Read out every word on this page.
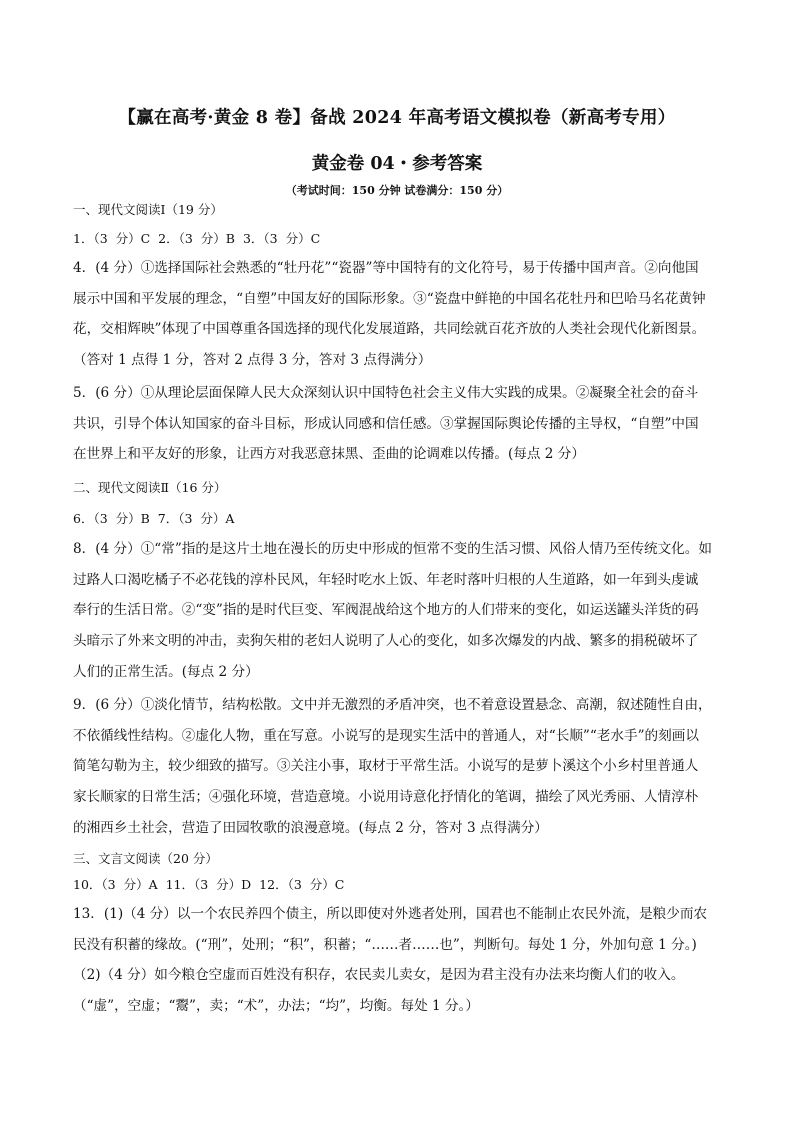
【赢在高考·黄金 8 卷】备战 2024 年高考语文模拟卷（新高考专用）
黄金卷 04・参考答案
（考试时间：150 分钟 试卷满分：150 分）
一、现代文阅读Ⅰ（19 分）
1．（3 分）C 2．（3 分）B 3．（3 分）C
4．(4 分）①选择国际社会熟悉的“牡丹花”“瓷器”等中国特有的文化符号，易于传播中国声音。②向他国
展示中国和平发展的理念，“自塑”中国友好的国际形象。③“瓷盘中鲜艳的中国名花牡丹和巴哈马名花黄钟
花，交相辉映”体现了中国尊重各国选择的现代化发展道路，共同绘就百花齐放的人类社会现代化新图景。
（答对 1 点得 1 分，答对 2 点得 3 分，答对 3 点得满分）
5．(6 分）①从理论层面保障人民大众深刻认识中国特色社会主义伟大实践的成果。②凝聚全社会的奋斗
共识，引导个体认知国家的奋斗目标，形成认同感和信任感。③掌握国际舆论传播的主导权，“自塑”中国
在世界上和平友好的形象，让西方对我恶意抹黑、歪曲的论调难以传播。(每点 2 分）
二、现代文阅读Ⅱ（16 分）
6．（3 分）B 7．（3 分）A
8．(4 分）①“常”指的是这片土地在漫长的历史中形成的恒常不变的生活习惯、风俗人情乃至传统文化。如
过路人口渴吃橘子不必花钱的淳朴民风，年轻时吃水上饭、年老时落叶归根的人生道路，如一年到头虔诚
奉行的生活日常。②“变”指的是时代巨变、军阀混战给这个地方的人们带来的变化，如运送罐头洋货的码
头暗示了外来文明的冲击，卖狗矢柑的老妇人说明了人心的变化，如多次爆发的内战、繁多的捐税破坏了
人们的正常生活。(每点 2 分）
9．(6 分）①淡化情节，结构松散。文中并无激烈的矛盾冲突，也不着意设置悬念、高潮，叙述随性自由，
不依循线性结构。②虚化人物，重在写意。小说写的是现实生活中的普通人，对“长顺”“老水手”的刻画以
简笔勾勒为主，较少细致的描写。③关注小事，取材于平常生活。小说写的是萝卜溪这个小乡村里普通人
家长顺家的日常生活；④强化环境，营造意境。小说用诗意化抒情化的笔调，描绘了风光秀丽、人情淳朴
的湘西乡土社会，营造了田园牧歌的浪漫意境。(每点 2 分，答对 3 点得满分）
三、文言文阅读（20 分）
10．（3 分）A 11．（3 分）D 12．（3 分）C
13．(1)（4 分）以一个农民养四个债主，所以即使对外逃者处刑，国君也不能制止农民外流，是粮少而农
民没有积蓄的缘故。(“刑”，处刑；“积”，积蓄；“……者……也”，判断句。每处 1 分，外加句意 1 分。)
（2)（4 分）如今粮仓空虚而百姓没有积存，农民卖儿卖女，是因为君主没有办法来均衡人们的收入。
（“虚”，空虚；“鬻”，卖；“术”，办法；“均”，均衡。每处 1 分。）
